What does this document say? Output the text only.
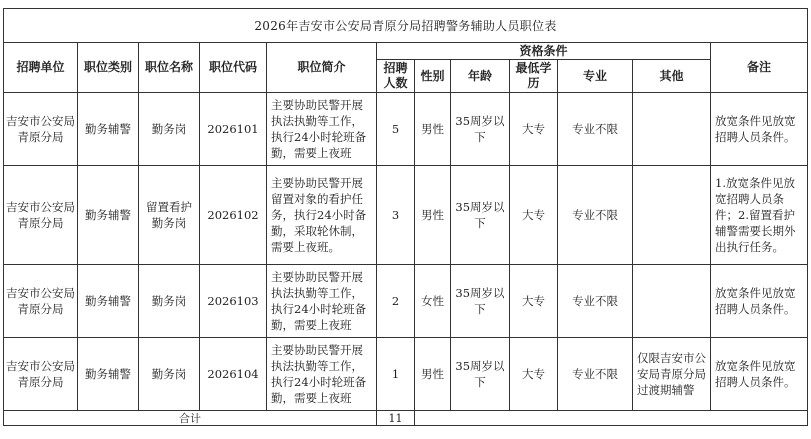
2026年吉安市公安局青原分局招聘警务辅助人员职位表											
招聘单位	职位类别	职位名称	职位代码	职位简介	资格条件						备注
					招聘人数	性别	年龄	最低学历	专业	其他	
吉安市公安局青原分局	勤务辅警	勤务岗	2026101	主要协助民警开展执法执勤等工作，执行24小时轮班备勤，需要上夜班	5	男性	35周岁以下	大专	专业不限		放宽条件见放宽招聘人员条件。
吉安市公安局青原分局	勤务辅警	留置看护勤务岗	2026102	主要协助民警开展留置对象的看护任务，执行24小时备勤，采取轮休制，需要上夜班。	3	男性	35周岁以下	大专	专业不限		1.放宽条件见放宽招聘人员条件；2.留置看护辅警需要长期外出执行任务。
吉安市公安局青原分局	勤务辅警	勤务岗	2026103	主要协助民警开展执法执勤等工作，执行24小时轮班备勤，需要上夜班	2	女性	35周岁以下	大专	专业不限		放宽条件见放宽招聘人员条件。
吉安市公安局青原分局	勤务辅警	勤务岗	2026104	主要协助民警开展执法执勤等工作，执行24小时轮班备勤，需要上夜班	1	男性	35周岁以下	大专	专业不限	仅限吉安市公安局青原分局过渡期辅警	放宽条件见放宽招聘人员条件。
合计					11						
